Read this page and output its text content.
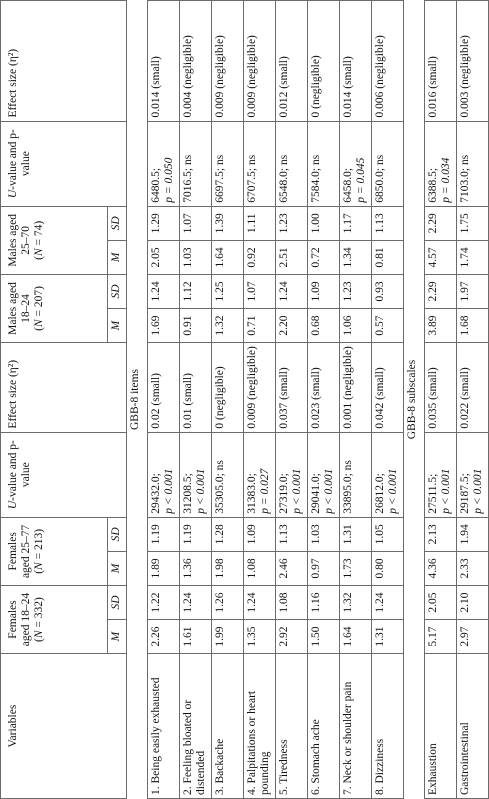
Variables	Females aged 18–24
(N = 332)		Females aged 25–77
(N = 213)		U-value and p-value	Effect size (η²)	Males aged 18–24
(N = 207)		Males aged 25–70
(N = 74)		U-value and p-value	Effect size (η²)
	M	SD	M	SD			M	SD	M	SD		
GBB-8 items												
1. Being easily exhausted	2.26	1.22	1.89	1.19	29432.0;
p < 0.001	0.02 (small)	1.69	1.24	2.05	1.29	6480.5;
p = 0.050	0.014 (small)
2. Feeling bloated or distended	1.61	1.24	1.36	1.19	31208.5;
p < 0.001	0.01 (small)	0.91	1.12	1.03	1.07	7016.5; ns	0.004 (negligible)
3. Backache	1.99	1.26	1.98	1.28	35305.0; ns	0 (negligible)	1.32	1.25	1.64	1.39	6697.5; ns	0.009 (negligible)
4. Palpitations or heart pounding	1.35	1.24	1.08	1.09	31383.0;
p = 0.027	0.009 (negligible)	0.71	1.07	0.92	1.11	6707.5; ns	0.009 (negligible)
5. Tiredness	2.92	1.08	2.46	1.13	27319.0;
p < 0.001	0.037 (small)	2.20	1.24	2.51	1.23	6548.0; ns	0.012 (small)
6. Stomach ache	1.50	1.16	0.97	1.03	29041.0;
p < 0.001	0.023 (small)	0.68	1.09	0.72	1.00	7584.0; ns	0 (negligible)
7. Neck or shoulder pain	1.64	1.32	1.73	1.31	33895.0; ns	0.001 (negligible)	1.06	1.23	1.34	1.17	6458.0;
p = 0.045	0.014 (small)
8. Dizziness	1.31	1.24	0.80	1.05	26812.0;
p < 0.001	0.042 (small)	0.57	0.93	0.81	1.13	6850.0; ns	0.006 (negligible)
GBB-8 subscales												
Exhaustion	5.17	2.05	4.36	2.13	27511.5;
p < 0.001	0.035 (small)	3.89	2.29	4.57	2.29	6388.5;
p = 0.034	0.016 (small)
Gastrointestinal	2.97	2.10	2.33	1.94	29187.5;
p < 0.001	0.022 (small)	1.68	1.97	1.74	1.75	7103.0; ns	0.003 (negligible)
